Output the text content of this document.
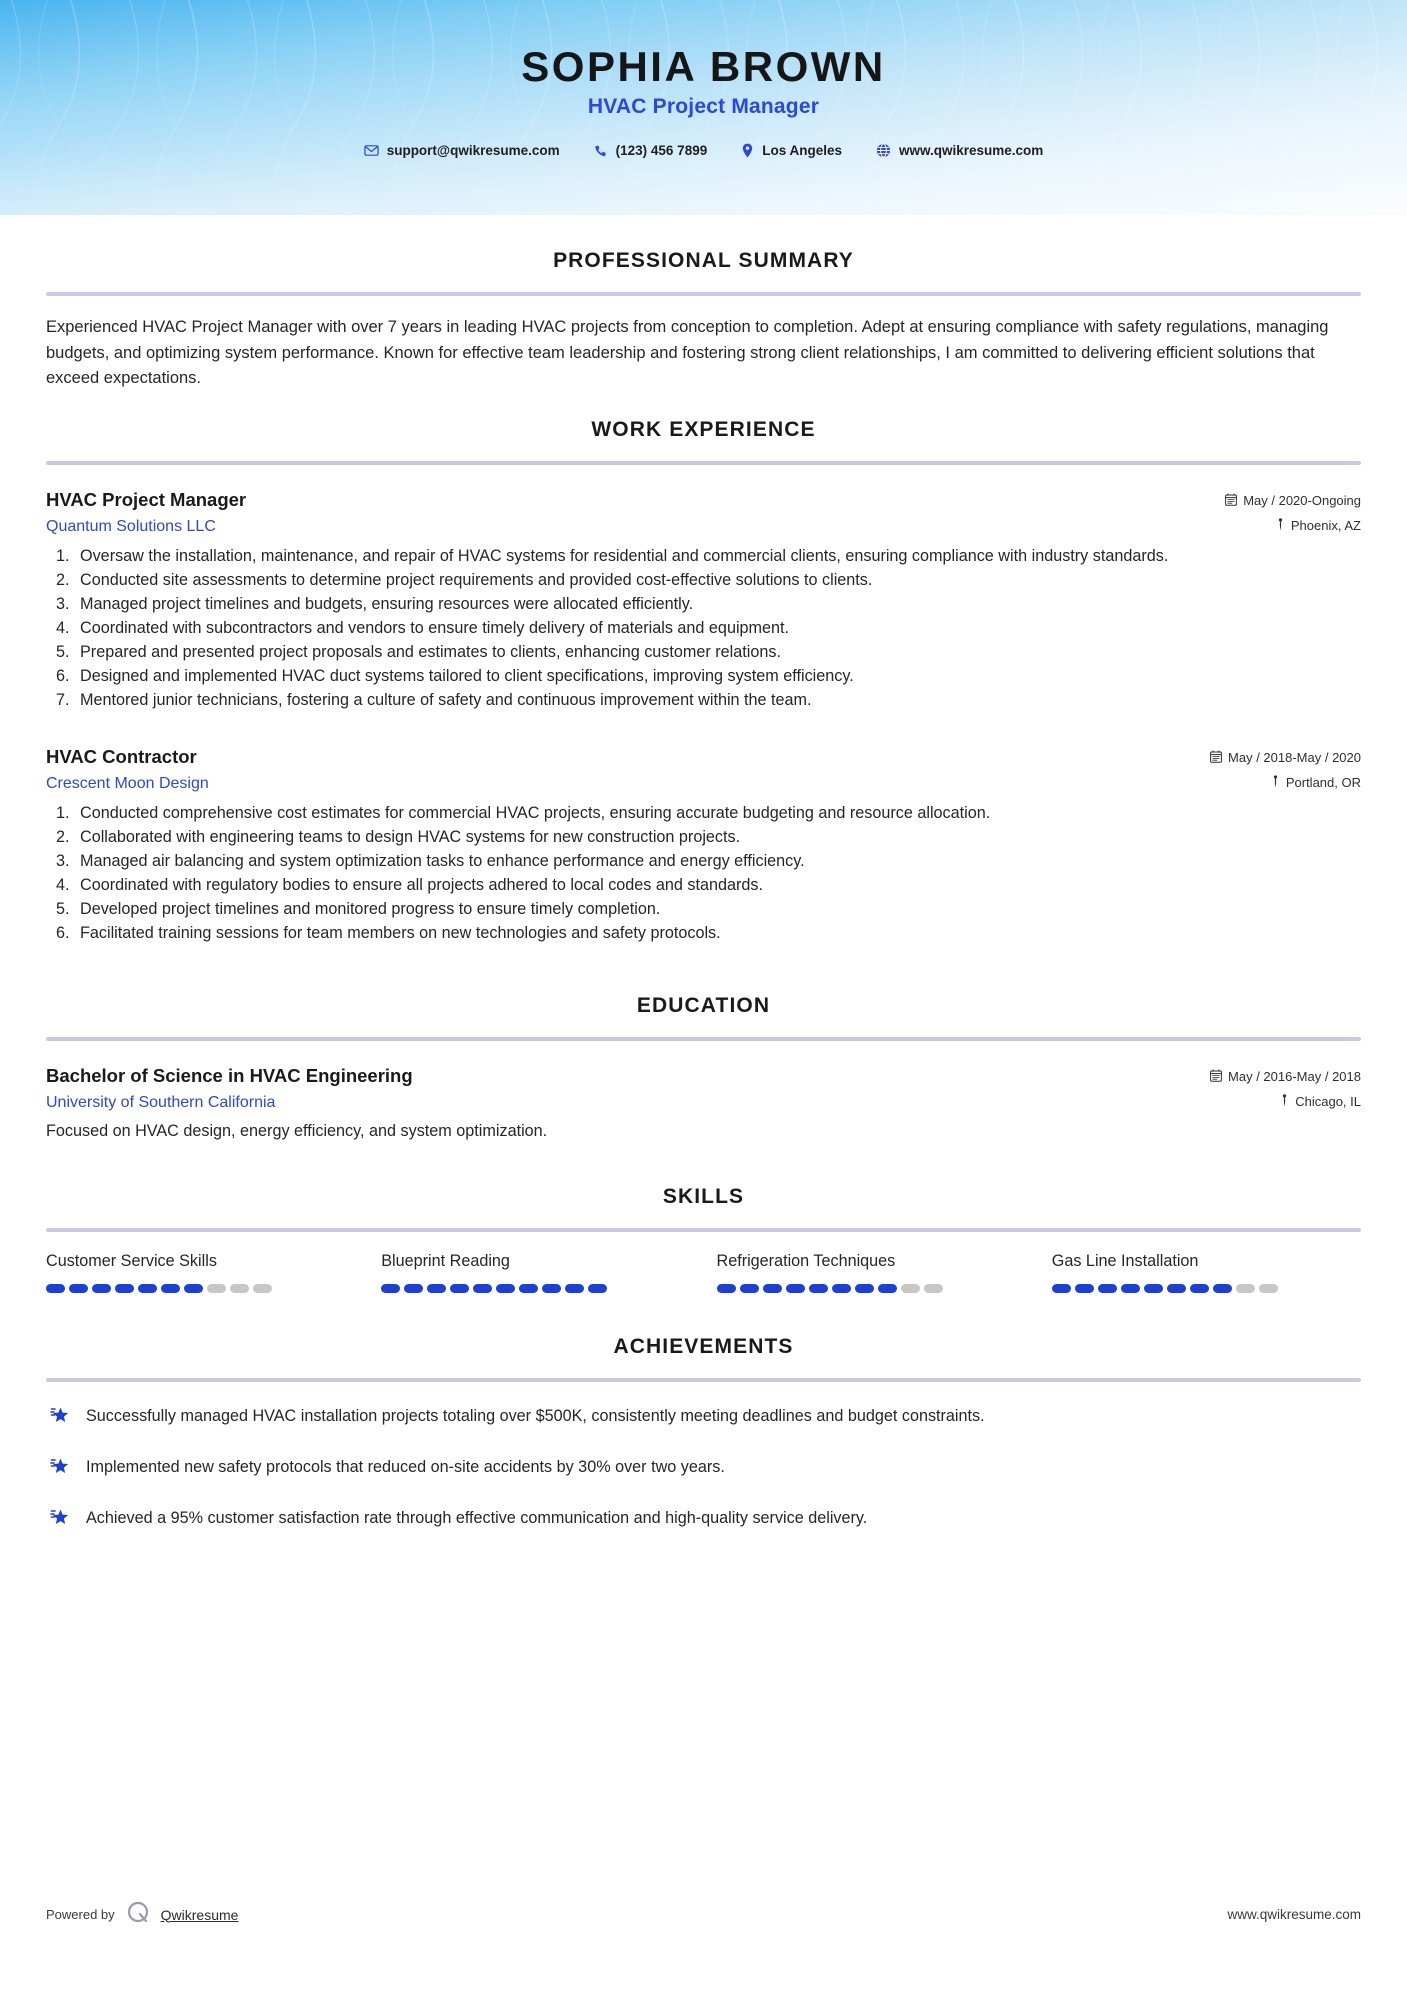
SOPHIA BROWN
HVAC Project Manager
support@qwikresume.com	(123) 456 7899	Los Angeles	www.qwikresume.com
PROFESSIONAL SUMMARY

Experienced HVAC Project Manager with over 7 years in leading HVAC projects from conception to completion. Adept at ensuring compliance with safety regulations, managing budgets, and optimizing system performance. Known for effective team leadership and fostering strong client relationships, I am committed to delivering efficient solutions that exceed expectations.

WORK EXPERIENCE
HVAC Project Manager	May / 2020-Ongoing
Quantum Solutions LLC	Phoenix, AZ
1. Oversaw the installation, maintenance, and repair of HVAC systems for residential and commercial clients, ensuring compliance with industry standards.
2. Conducted site assessments to determine project requirements and provided cost-effective solutions to clients.
3. Managed project timelines and budgets, ensuring resources were allocated efficiently.
4. Coordinated with subcontractors and vendors to ensure timely delivery of materials and equipment.
5. Prepared and presented project proposals and estimates to clients, enhancing customer relations.
6. Designed and implemented HVAC duct systems tailored to client specifications, improving system efficiency.
7. Mentored junior technicians, fostering a culture of safety and continuous improvement within the team.
HVAC Contractor	May / 2018-May / 2020
Crescent Moon Design	Portland, OR
1. Conducted comprehensive cost estimates for commercial HVAC projects, ensuring accurate budgeting and resource allocation.
2. Collaborated with engineering teams to design HVAC systems for new construction projects.
3. Managed air balancing and system optimization tasks to enhance performance and energy efficiency.
4. Coordinated with regulatory bodies to ensure all projects adhered to local codes and standards.
5. Developed project timelines and monitored progress to ensure timely completion.
6. Facilitated training sessions for team members on new technologies and safety protocols.
EDUCATION
Bachelor of Science in HVAC Engineering	May / 2016-May / 2018
University of Southern California	Chicago, IL
Focused on HVAC design, energy efficiency, and system optimization.
SKILLS
Customer Service Skills	Blueprint Reading	Refrigeration Techniques	Gas Line Installation
ACHIEVEMENTS
Successfully managed HVAC installation projects totaling over $500K, consistently meeting deadlines and budget constraints.
Implemented new safety protocols that reduced on-site accidents by 30% over two years.
Achieved a 95% customer satisfaction rate through effective communication and high-quality service delivery.
Powered by	Qwikresume	www.qwikresume.com
